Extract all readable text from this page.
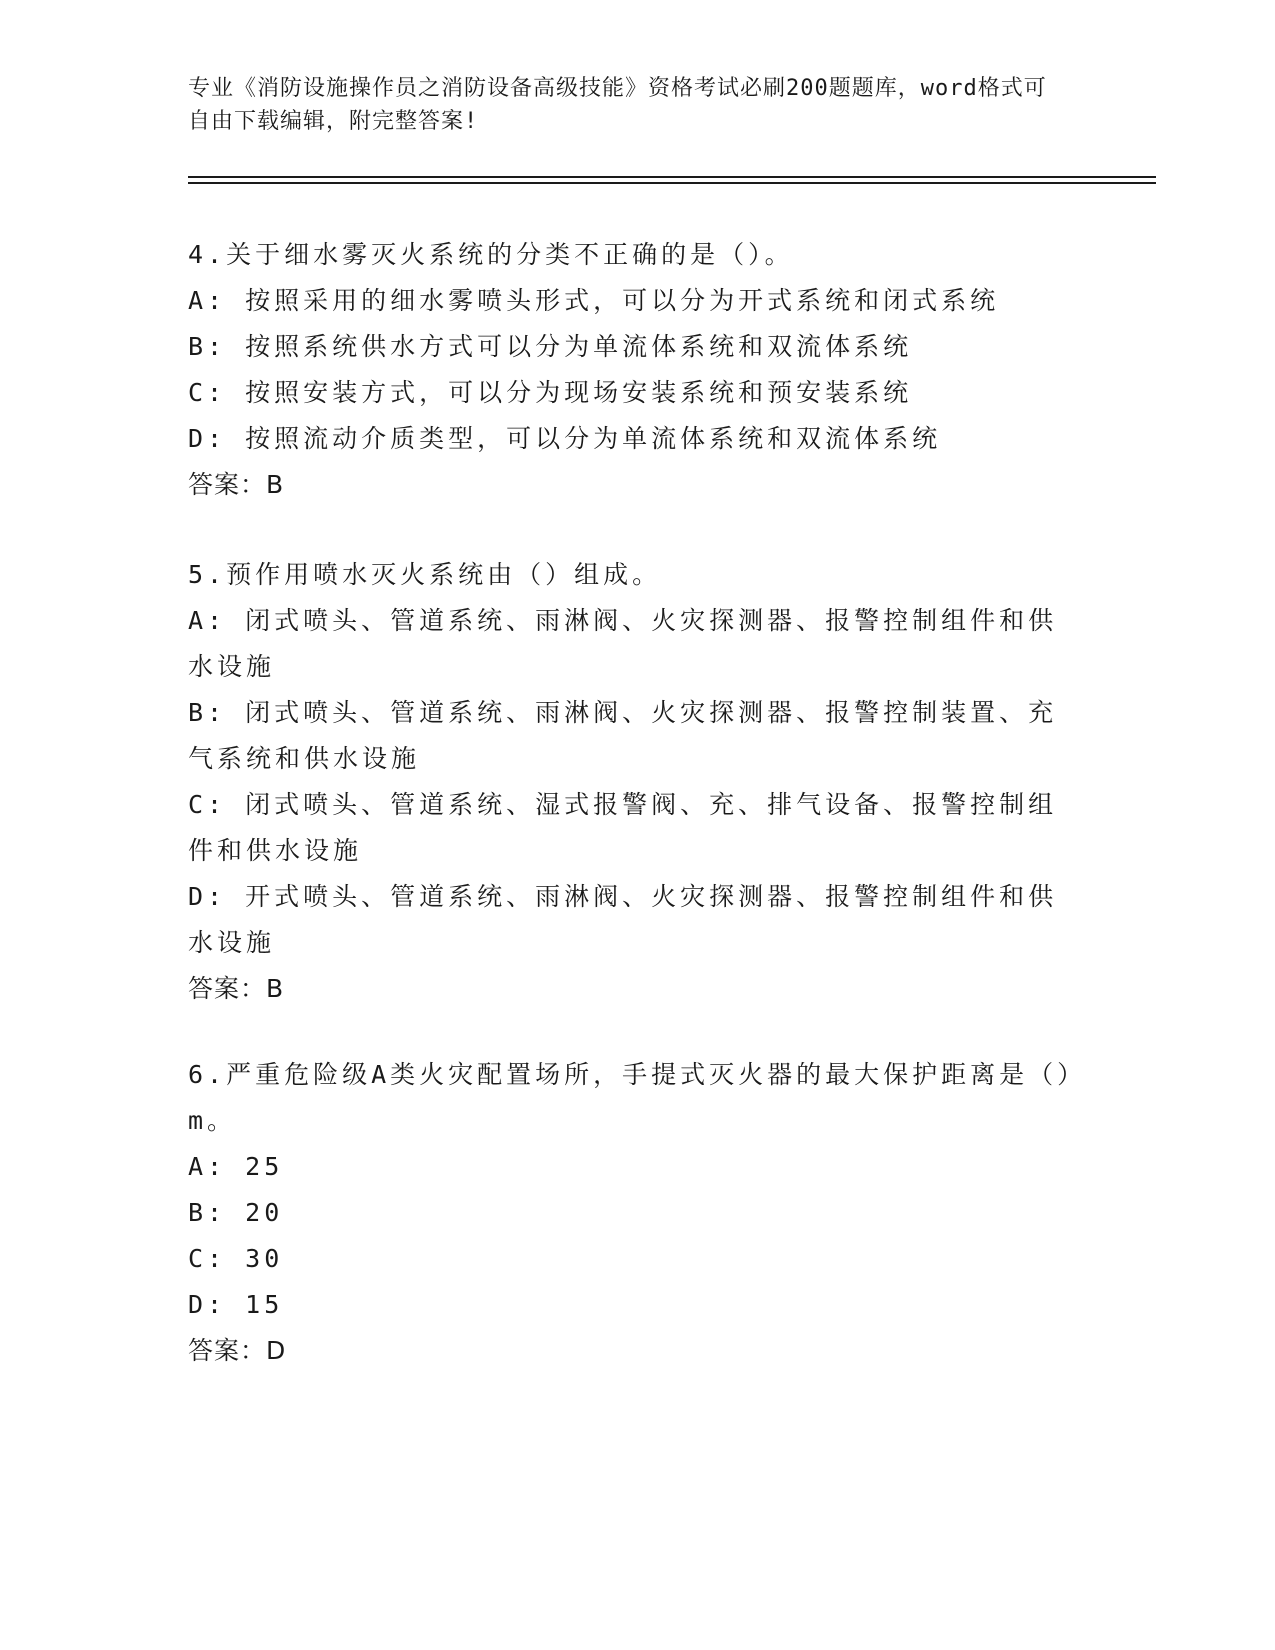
专业《消防设施操作员之消防设备高级技能》资格考试必刷200题题库，word格式可自由下载编辑，附完整答案!
4.关于细水雾灭火系统的分类不正确的是（）。
A: 按照采用的细水雾喷头形式，可以分为开式系统和闭式系统
B: 按照系统供水方式可以分为单流体系统和双流体系统
C: 按照安装方式，可以分为现场安装系统和预安装系统
D: 按照流动介质类型，可以分为单流体系统和双流体系统
答案：B
5.预作用喷水灭火系统由（）组成。
A: 闭式喷头、管道系统、雨淋阀、火灾探测器、报警控制组件和供水设施
B: 闭式喷头、管道系统、雨淋阀、火灾探测器、报警控制装置、充气系统和供水设施
C: 闭式喷头、管道系统、湿式报警阀、充、排气设备、报警控制组件和供水设施
D: 开式喷头、管道系统、雨淋阀、火灾探测器、报警控制组件和供水设施
答案：B
6.严重危险级A类火灾配置场所，手提式灭火器的最大保护距离是（）m。
A: 25
B: 20
C: 30
D: 15
答案：D
